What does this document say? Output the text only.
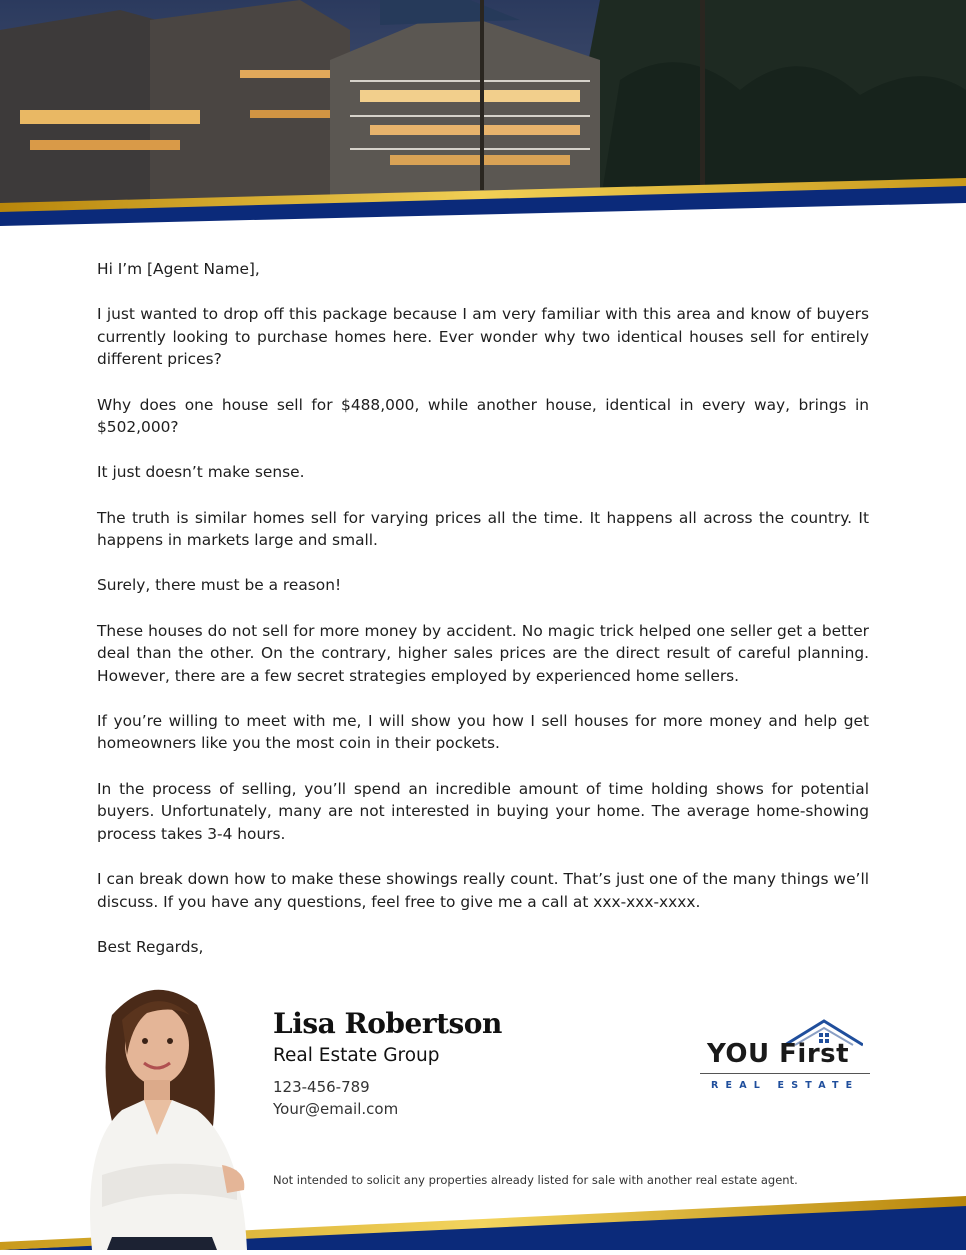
Hi I’m [Agent Name],

I just wanted to drop off this package because I am very familiar with this area and know of buyers currently looking to purchase homes here. Ever wonder why two identical houses sell for entirely different prices?

Why does one house sell for $488,000, while another house, identical in every way, brings in $502,000?

It just doesn’t make sense.

The truth is similar homes sell for varying prices all the time. It happens all across the country. It happens in markets large and small.

Surely, there must be a reason!

These houses do not sell for more money by accident. No magic trick helped one seller get a better deal than the other. On the contrary, higher sales prices are the direct result of careful planning. However, there are a few secret strategies employed by experienced home sellers.

If you’re willing to meet with me, I will show you how I sell houses for more money and help get homeowners like you the most coin in their pockets.

In the process of selling, you’ll spend an incredible amount of time holding shows for potential buyers. Unfortunately, many are not interested in buying your home. The average home-showing process takes 3-4 hours.

I can break down how to make these showings really count. That’s just one of the many things we’ll discuss. If you have any questions, feel free to give me a call at xxx-xxx-xxxx.

Best Regards,

Lisa Robertson
Real Estate Group
123-456-789
Your@email.com
YOU First
REAL ESTATE
Not intended to solicit any properties already listed for sale with another real estate agent.
